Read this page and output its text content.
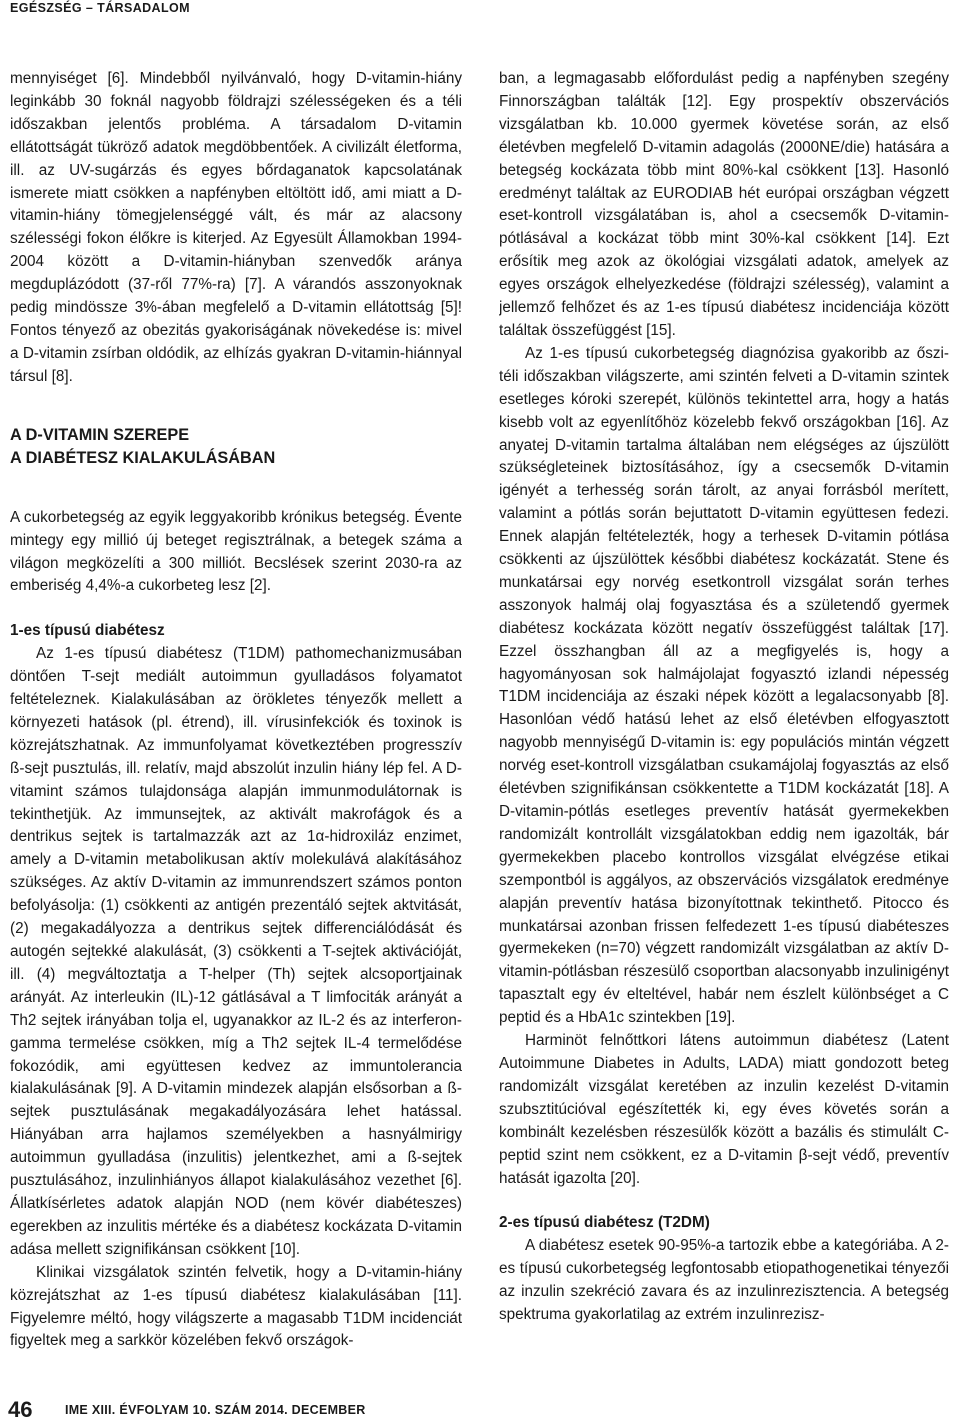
EGÉSZSÉG – TÁRSADALOM

mennyiséget [6]. Mindebből nyilvánvaló, hogy D-vitamin-hiány leginkább 30 foknál nagyobb földrajzi szélességeken és a téli időszakban jelentős probléma. A társadalom D-vitamin ellátottságát tükröző adatok megdöbbentőek. A civilizált életforma, ill. az UV-sugárzás és egyes bőrdaganatok kapcsolatának ismerete miatt csökken a napfényben eltöltött idő, ami miatt a D-vitamin-hiány tömegjelenséggé vált, és már az alacsony szélességi fokon élőkre is kiterjed. Az Egyesült Államokban 1994-2004 között a D-vitamin-hiányban szenvedők aránya megduplázódott (37-ről 77%-ra) [7]. A várandós asszonyoknak pedig mindössze 3%-ában megfelelő a D-vitamin ellátottság [5]! Fontos tényező az obezitás gyakoriságának növekedése is: mivel a D-vitamin zsírban oldódik, az elhízás gyakran D-vitamin-hiánnyal társul [8].

A D-VITAMIN SZEREPE
A DIABÉTESZ KIALAKULÁSÁBAN

A cukorbetegség az egyik leggyakoribb krónikus betegség. Évente mintegy egy millió új beteget regisztrálnak, a betegek száma a világon megközelíti a 300 milliót. Becslések szerint 2030-ra az emberiség 4,4%-a cukorbeteg lesz [2].

1-es típusú diabétesz

Az 1-es típusú diabétesz (T1DM) pathomechanizmusában döntően T-sejt mediált autoimmun gyulladásos folyamatot feltételeznek. Kialakulásában az örökletes tényezők mellett a környezeti hatások (pl. étrend), ill. vírusinfekciók és toxinok is közrejátszhatnak. Az immunfolyamat következtében progresszív ß-sejt pusztulás, ill. relatív, majd abszolút inzulin hiány lép fel. A D-vitamint számos tulajdonsága alapján immunmodulátornak is tekinthetjük. Az immunsejtek, az aktivált makrofágok és a dentrikus sejtek is tartalmazzák azt az 1α-hidroxiláz enzimet, amely a D-vitamin metabolikusan aktív molekulává alakításához szükséges. Az aktív D-vitamin az immunrendszert számos ponton befolyásolja: (1) csökkenti az antigén prezentáló sejtek aktvitását, (2) megakadályozza a dentrikus sejtek differenciálódását és autogén sejtekké alakulását, (3) csökkenti a T-sejtek aktivációját, ill. (4) megváltoztatja a T-helper (Th) sejtek alcsoportjainak arányát. Az interleukin (IL)-12 gátlásával a T limfociták arányát a Th2 sejtek irányában tolja el, ugyanakkor az IL-2 és az interferon-gamma termelése csökken, míg a Th2 sejtek IL-4 termelődése fokozódik, ami együttesen kedvez az immuntolerancia kialakulásának [9]. A D-vitamin mindezek alapján elsősorban a ß-sejtek pusztulásának megakadályozására lehet hatással. Hiányában arra hajlamos személyekben a hasnyálmirigy autoimmun gyulladása (inzulitis) jelentkezhet, ami a ß-sejtek pusztulásához, inzulinhiányos állapot kialakulásához vezethet [6]. Állatkísérletes adatok alapján NOD (nem kövér diabéteszes) egerekben az inzulitis mértéke és a diabétesz kockázata D-vitamin adása mellett szignifikánsan csökkent [10].

Klinikai vizsgálatok szintén felvetik, hogy a D-vitamin-hiány közrejátszhat az 1-es típusú diabétesz kialakulásában [11]. Figyelemre méltó, hogy világszerte a magasabb T1DM incidenciát figyeltek meg a sarkkör közelében fekvő országok-

ban, a legmagasabb előfordulást pedig a napfényben szegény Finnországban találták [12]. Egy prospektív obszervációs vizsgálatban kb. 10.000 gyermek követése során, az első életévben megfelelő D-vitamin adagolás (2000NE/die) hatására a betegség kockázata több mint 80%-kal csökkent [13]. Hasonló eredményt találtak az EURODIAB hét európai országban végzett eset-kontroll vizsgálatában is, ahol a csecsemők D-vitamin-pótlásával a kockázat több mint 30%-kal csökkent [14]. Ezt erősítik meg azok az ökológiai vizsgálati adatok, amelyek az egyes országok elhelyezkedése (földrajzi szélesség), valamint a jellemző felhőzet és az 1-es típusú diabétesz incidenciája között találtak összefüggést [15].

Az 1-es típusú cukorbetegség diagnózisa gyakoribb az őszi-téli időszakban világszerte, ami szintén felveti a D-vitamin szintek esetleges kóroki szerepét, különös tekintettel arra, hogy a hatás kisebb volt az egyenlítőhöz közelebb fekvő országokban [16]. Az anyatej D-vitamin tartalma általában nem elégséges az újszülött szükségleteinek biztosításához, így a csecsemők D-vitamin igényét a terhesség során tárolt, az anyai forrásból merített, valamint a pótlás során bejuttatott D-vitamin együttesen fedezi. Ennek alapján feltételezték, hogy a terhesek D-vitamin pótlása csökkenti az újszülöttek későbbi diabétesz kockázatát. Stene és munkatársai egy norvég esetkontroll vizsgálat során terhes asszonyok halmáj olaj fogyasztása és a születendő gyermek diabétesz kockázata között negatív összefüggést találtak [17]. Ezzel összhangban áll az a megfigyelés is, hogy a hagyományosan sok halmájolajat fogyasztó izlandi népesség T1DM incidenciája az északi népek között a legalacsonyabb [8]. Hasonlóan védő hatású lehet az első életévben elfogyasztott nagyobb mennyiségű D-vitamin is: egy populációs mintán végzett norvég eset-kontroll vizsgálatban csukamájolaj fogyasztás az első életévben szignifikánsan csökkentette a T1DM kockázatát [18]. A D-vitamin-pótlás esetleges preventív hatását gyermekekben randomizált kontrollált vizsgálatokban eddig nem igazolták, bár gyermekekben placebo kontrollos vizsgálat elvégzése etikai szempontból is aggályos, az obszervációs vizsgálatok eredménye alapján preventív hatása bizonyítottnak tekinthető. Pitocco és munkatársai azonban frissen felfedezett 1-es típusú diabéteszes gyermekeken (n=70) végzett randomizált vizsgálatban az aktív D-vitamin-pótlásban részesülő csoportban alacsonyabb inzulinigényt tapasztalt egy év elteltével, habár nem észlelt különbséget a C peptid és a HbA1c szintekben [19].

Harminöt felnőttkori látens autoimmun diabétesz (Latent Autoimmune Diabetes in Adults, LADA) miatt gondozott beteg randomizált vizsgálat keretében az inzulin kezelést D-vitamin szubsztitúcióval egészítették ki, egy éves követés során a kombinált kezelésben részesülők között a bazális és stimulált C-peptid szint nem csökkent, ez a D-vitamin β-sejt védő, preventív hatását igazolta [20].

2-es típusú diabétesz (T2DM)

A diabétesz esetek 90-95%-a tartozik ebbe a kategóriába. A 2-es típusú cukorbetegség legfontosabb etiopathogenetikai tényezői az inzulin szekréció zavara és az inzulinrezisztencia. A betegség spektruma gyakorlatilag az extrém inzulinrezisz-

46	IME XIII. ÉVFOLYAM 10. SZÁM 2014. DECEMBER
